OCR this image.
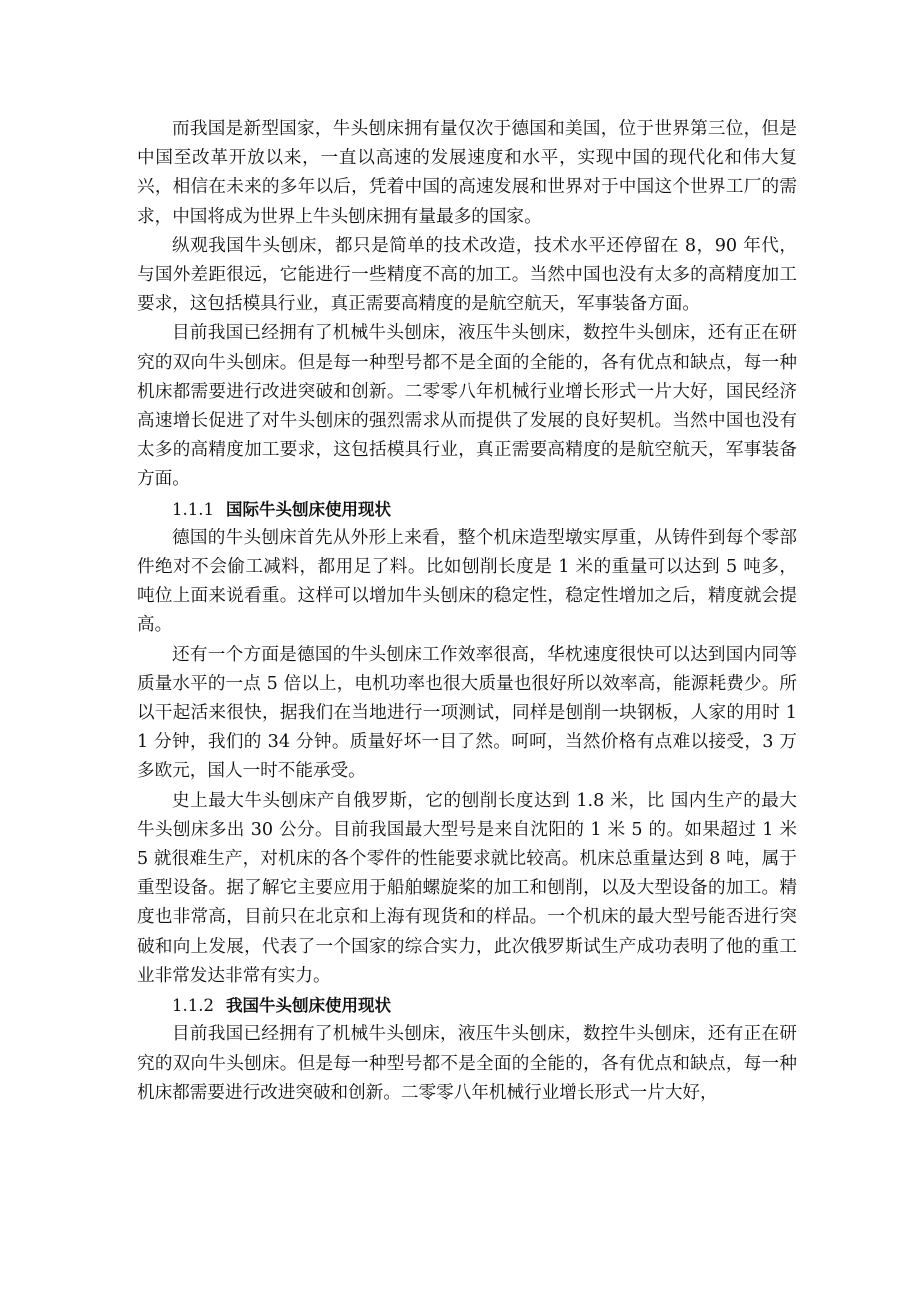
而我国是新型国家，牛头刨床拥有量仅次于德国和美国，位于世界第三位，但是中国至改革开放以来，一直以高速的发展速度和水平，实现中国的现代化和伟大复兴，相信在未来的多年以后，凭着中国的高速发展和世界对于中国这个世界工厂的需求，中国将成为世界上牛头刨床拥有量最多的国家。

纵观我国牛头刨床，都只是简单的技术改造，技术水平还停留在 8，90 年代，与国外差距很远，它能进行一些精度不高的加工。当然中国也没有太多的高精度加工要求，这包括模具行业，真正需要高精度的是航空航天，军事装备方面。

目前我国已经拥有了机械牛头刨床，液压牛头刨床，数控牛头刨床，还有正在研究的双向牛头刨床。但是每一种型号都不是全面的全能的，各有优点和缺点，每一种机床都需要进行改进突破和创新。二零零八年机械行业增长形式一片大好，国民经济高速增长促进了对牛头刨床的强烈需求从而提供了发展的良好契机。当然中国也没有太多的高精度加工要求，这包括模具行业，真正需要高精度的是航空航天，军事装备方面。

1.1.1 国际牛头刨床使用现状

德国的牛头刨床首先从外形上来看，整个机床造型墩实厚重，从铸件到每个零部件绝对不会偷工减料，都用足了料。比如刨削长度是 1 米的重量可以达到 5 吨多，吨位上面来说看重。这样可以增加牛头刨床的稳定性，稳定性增加之后，精度就会提高。

还有一个方面是德国的牛头刨床工作效率很高，华枕速度很快可以达到国内同等质量水平的一点 5 倍以上，电机功率也很大质量也很好所以效率高，能源耗费少。所以干起活来很快，据我们在当地进行一项测试，同样是刨削一块钢板，人家的用时 11 分钟，我们的 34 分钟。质量好坏一目了然。呵呵，当然价格有点难以接受，3 万多欧元，国人一时不能承受。

史上最大牛头刨床产自俄罗斯，它的刨削长度达到 1.8 米，比 国内生产的最大牛头刨床多出 30 公分。目前我国最大型号是来自沈阳的 1 米 5 的。如果超过 1 米 5 就很难生产，对机床的各个零件的性能要求就比较高。机床总重量达到 8 吨，属于重型设备。据了解它主要应用于船舶螺旋桨的加工和刨削，以及大型设备的加工。精度也非常高，目前只在北京和上海有现货和的样品。一个机床的最大型号能否进行突破和向上发展，代表了一个国家的综合实力，此次俄罗斯试生产成功表明了他的重工业非常发达非常有实力。

1.1.2 我国牛头刨床使用现状

目前我国已经拥有了机械牛头刨床，液压牛头刨床，数控牛头刨床，还有正在研究的双向牛头刨床。但是每一种型号都不是全面的全能的，各有优点和缺点，每一种机床都需要进行改进突破和创新。二零零八年机械行业增长形式一片大好，
